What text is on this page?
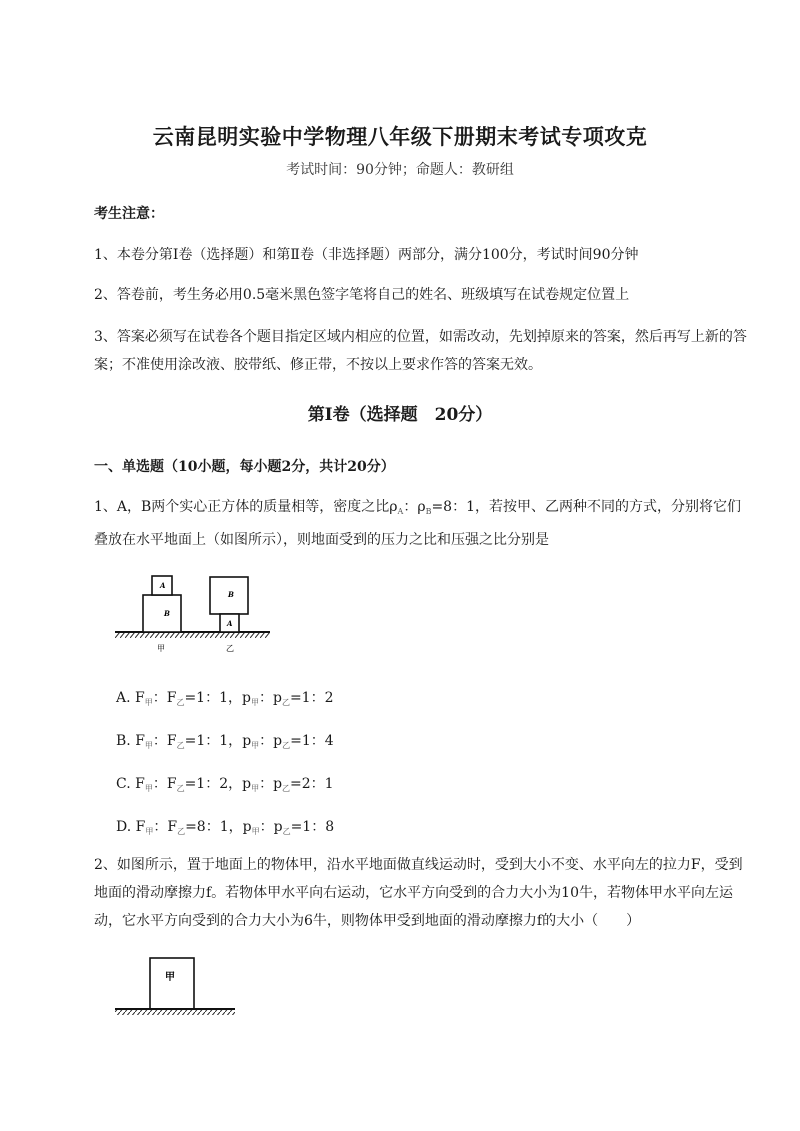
云南昆明实验中学物理八年级下册期末考试专项攻克
考试时间：90分钟；命题人：教研组
考生注意：
1、本卷分第Ⅰ卷（选择题）和第Ⅱ卷（非选择题）两部分，满分100分，考试时间90分钟
2、答卷前，考生务必用0.5毫米黑色签字笔将自己的姓名、班级填写在试卷规定位置上
3、答案必须写在试卷各个题目指定区域内相应的位置，如需改动，先划掉原来的答案，然后再写上新的答案；不准使用涂改液、胶带纸、修正带，不按以上要求作答的答案无效。
第Ⅰ卷（选择题　20分）
一、单选题（10小题，每小题2分，共计20分）
1、A，B两个实心正方体的质量相等，密度之比$\rho_A$：$\rho_B=8$：1，若按甲、乙两种不同的方式，分别将它们叠放在水平地面上（如图所示），则地面受到的压力之比和压强之比分别是
B
A
B
A
甲	乙
A. $F_甲$：$F_乙=1$：1，$p_甲$：$p_乙=1$：2
B. $F_甲$：$F_乙=1$：1，$p_甲$：$p_乙=1$：4
C. $F_甲$：$F_乙=1$：2，$p_甲$：$p_乙=2$：1
D. $F_甲$：$F_乙=8$：1，$p_甲$：$p_乙=1$：8
2、如图所示，置于地面上的物体甲，沿水平地面做直线运动时，受到大小不变、水平向左的拉力F，受到地面的滑动摩擦力f。若物体甲水平向右运动，它水平方向受到的合力大小为10牛，若物体甲水平向左运动，它水平方向受到的合力大小为6牛，则物体甲受到地面的滑动摩擦力f的大小（　　）
甲
